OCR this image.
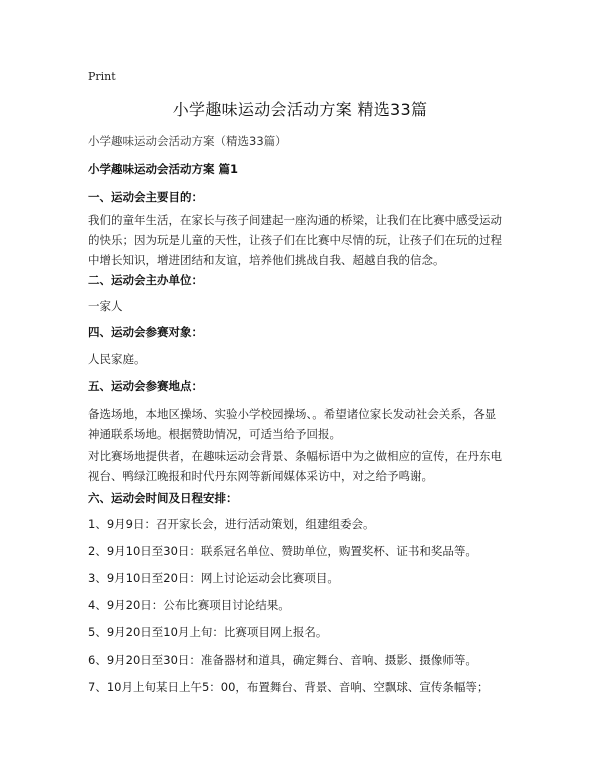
Print
小学趣味运动会活动方案 精选33篇
小学趣味运动会活动方案（精选33篇）
小学趣味运动会活动方案 篇1
一、运动会主要目的：
我们的童年生活，在家长与孩子间建起一座沟通的桥梁，让我们在比赛中感受运动
的快乐；因为玩是儿童的天性，让孩子们在比赛中尽情的玩，让孩子们在玩的过程
中增长知识，增进团结和友谊，培养他们挑战自我、超越自我的信念。
二、运动会主办单位：
一家人
四、运动会参赛对象：
人民家庭。
五、运动会参赛地点：
备选场地，本地区操场、实验小学校园操场、。希望诸位家长发动社会关系，各显
神通联系场地。根据赞助情况，可适当给予回报。
对比赛场地提供者，在趣味运动会背景、条幅标语中为之做相应的宣传，在丹东电
视台、鸭绿江晚报和时代丹东网等新闻媒体采访中，对之给予鸣谢。
六、运动会时间及日程安排：
1、9月9日：召开家长会，进行活动策划，组建组委会。
2、9月10日至30日：联系冠名单位、赞助单位，购置奖杯、证书和奖品等。
3、9月10日至20日：网上讨论运动会比赛项目。
4、9月20日：公布比赛项目讨论结果。
5、9月20日至10月上旬：比赛项目网上报名。
6、9月20日至30日：准备器材和道具，确定舞台、音响、摄影、摄像师等。
7、10月上旬某日上午5：00，布置舞台、背景、音响、空飘球、宣传条幅等；
